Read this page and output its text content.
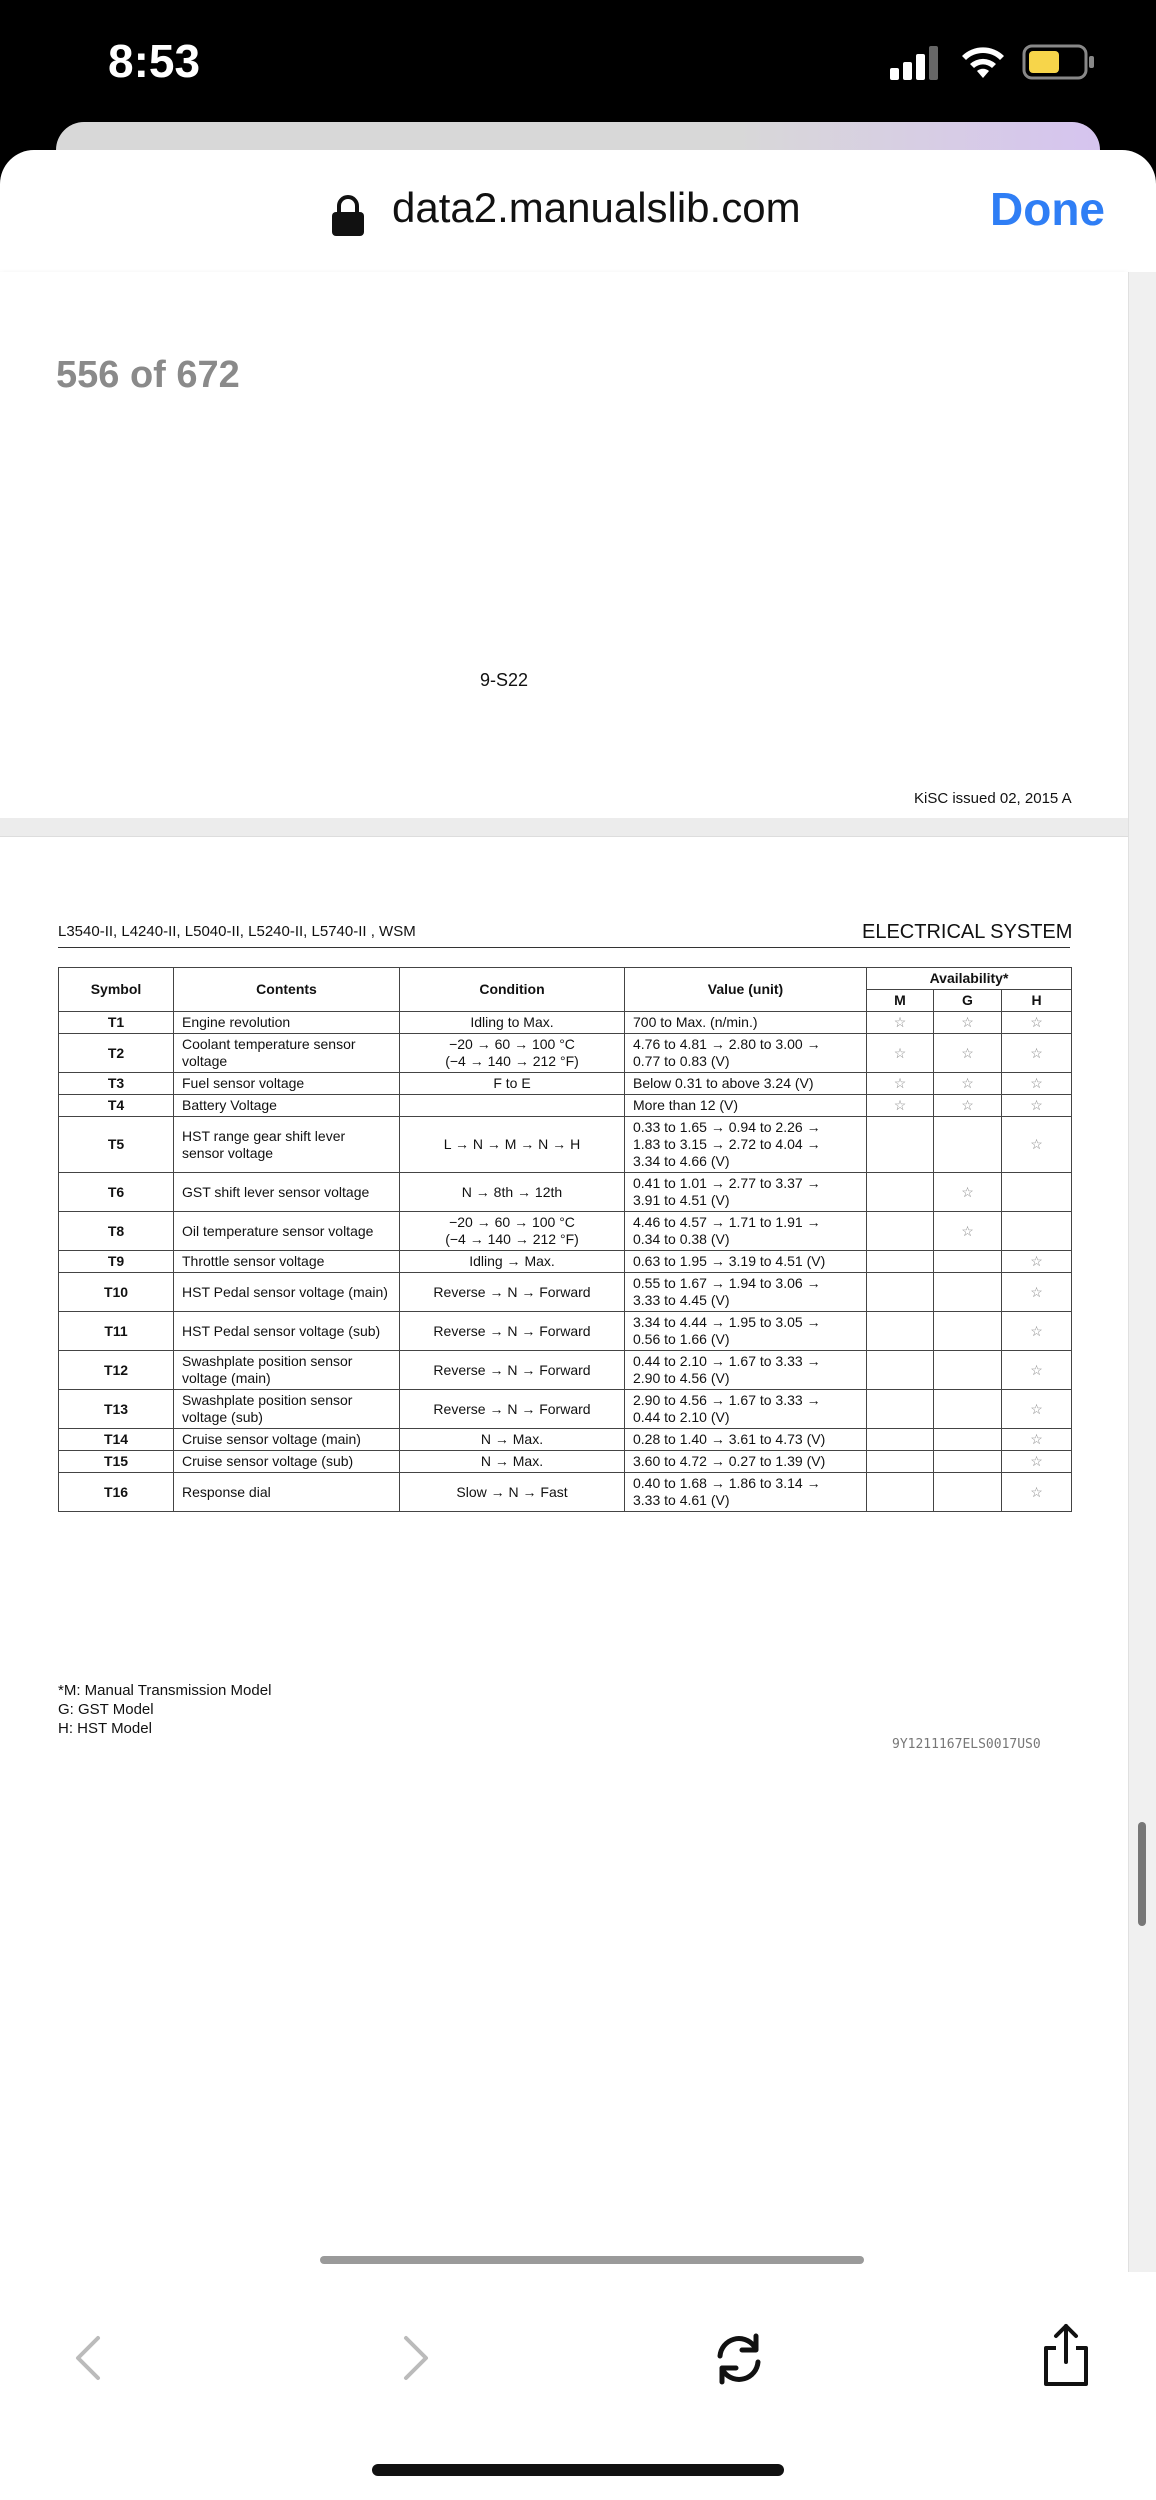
8:53
data2.manualslib.com	Done
556 of 672
9-S22
KiSC issued 02, 2015 A
L3540-II, L4240-II, L5040-II, L5240-II, L5740-II , WSM	ELECTRICAL SYSTEM
Symbol	Contents	Condition	Value (unit)	Availability*		
				M	G	H
T1	Engine revolution	Idling to Max.	700 to Max. (n/min.)	☆	☆	☆
T2	Coolant temperature sensor voltage	−20 → 60 → 100 °C
(−4 → 140 → 212 °F)	4.76 to 4.81 → 2.80 to 3.00 →
0.77 to 0.83 (V)	☆	☆	☆
T3	Fuel sensor voltage	F to E	Below 0.31 to above 3.24 (V)	☆	☆	☆
T4	Battery Voltage		More than 12 (V)	☆	☆	☆
T5	HST range gear shift lever sensor voltage	L → N → M → N → H	0.33 to 1.65 → 0.94 to 2.26 →
1.83 to 3.15 → 2.72 to 4.04 →
3.34 to 4.66 (V)			☆
T6	GST shift lever sensor voltage	N → 8th → 12th	0.41 to 1.01 → 2.77 to 3.37 →
3.91 to 4.51 (V)		☆	
T8	Oil temperature sensor voltage	−20 → 60 → 100 °C
(−4 → 140 → 212 °F)	4.46 to 4.57 → 1.71 to 1.91 →
0.34 to 0.38 (V)		☆	
T9	Throttle sensor voltage	Idling → Max.	0.63 to 1.95 → 3.19 to 4.51 (V)			☆
T10	HST Pedal sensor voltage (main)	Reverse → N → Forward	0.55 to 1.67 → 1.94 to 3.06 →
3.33 to 4.45 (V)			☆
T11	HST Pedal sensor voltage (sub)	Reverse → N → Forward	3.34 to 4.44 → 1.95 to 3.05 →
0.56 to 1.66 (V)			☆
T12	Swashplate position sensor voltage (main)	Reverse → N → Forward	0.44 to 2.10 → 1.67 to 3.33 →
2.90 to 4.56 (V)			☆
T13	Swashplate position sensor voltage (sub)	Reverse → N → Forward	2.90 to 4.56 → 1.67 to 3.33 →
0.44 to 2.10 (V)			☆
T14	Cruise sensor voltage (main)	N → Max.	0.28 to 1.40 → 3.61 to 4.73 (V)			☆
T15	Cruise sensor voltage (sub)	N → Max.	3.60 to 4.72 → 0.27 to 1.39 (V)			☆
T16	Response dial	Slow → N → Fast	0.40 to 1.68 → 1.86 to 3.14 →
3.33 to 4.61 (V)			☆
*M: Manual Transmission Model
G: GST Model
H: HST Model
9Y1211167ELS0017US0
